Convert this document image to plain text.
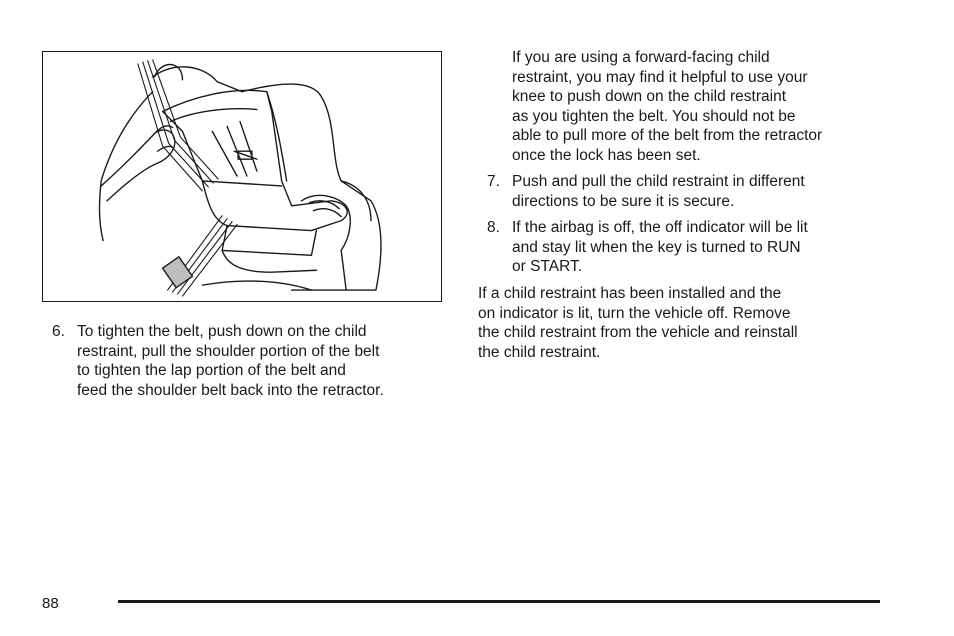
6. To tighten the belt, push down on the child
restraint, pull the shoulder portion of the belt
to tighten the lap portion of the belt and
feed the shoulder belt back into the retractor.
If you are using a forward-facing child
restraint, you may find it helpful to use your
knee to push down on the child restraint
as you tighten the belt. You should not be
able to pull more of the belt from the retractor
once the lock has been set.
7. Push and pull the child restraint in different
directions to be sure it is secure.
8. If the airbag is off, the off indicator will be lit
and stay lit when the key is turned to RUN
or START.
If a child restraint has been installed and the
on indicator is lit, turn the vehicle off. Remove
the child restraint from the vehicle and reinstall
the child restraint.
88
